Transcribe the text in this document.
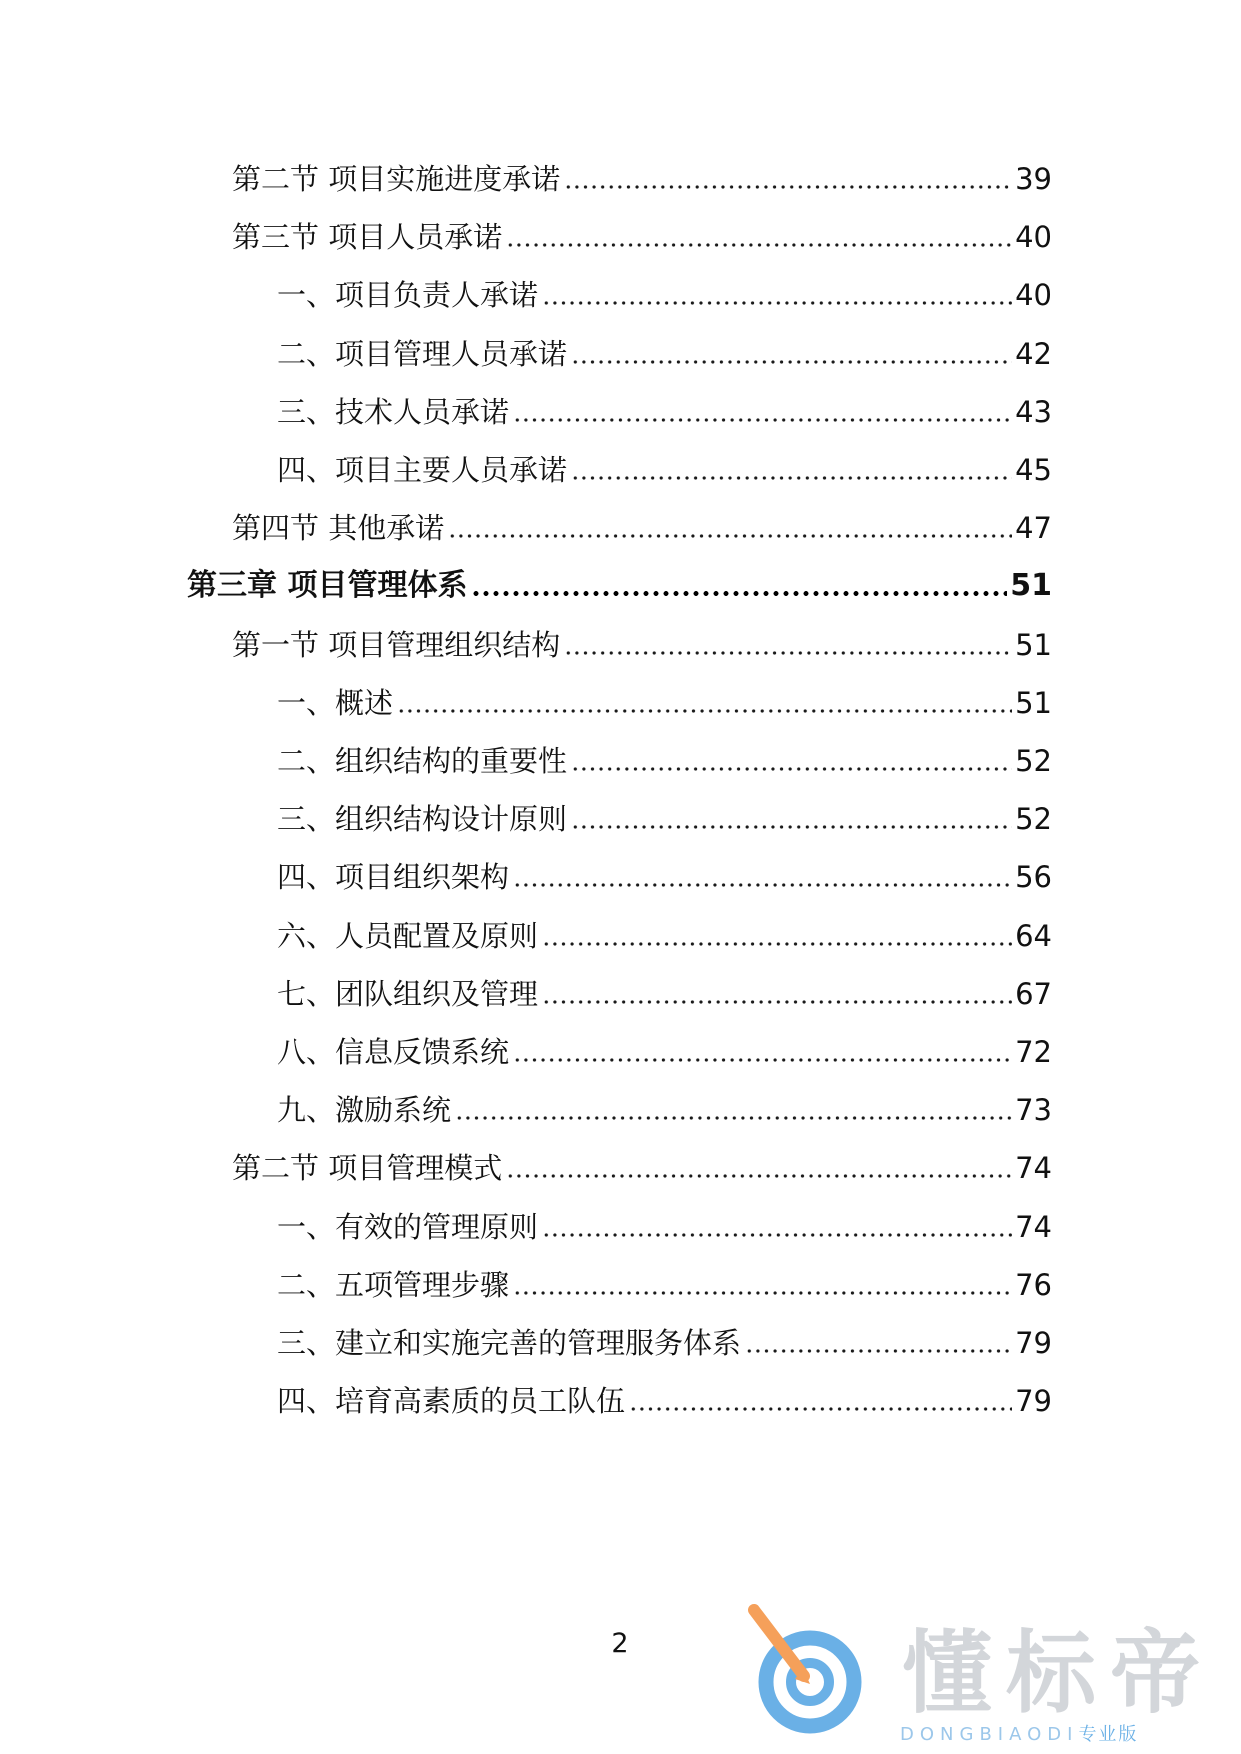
第二节 项目实施进度承诺	39
第三节 项目人员承诺	40
一、项目负责人承诺	40
二、项目管理人员承诺	42
三、技术人员承诺	43
四、项目主要人员承诺	45
第四节 其他承诺	47
第三章 项目管理体系	51
第一节 项目管理组织结构	51
一、概述	51
二、组织结构的重要性	52
三、组织结构设计原则	52
四、项目组织架构	56
六、人员配置及原则	64
七、团队组织及管理	67
八、信息反馈系统	72
九、激励系统	73
第二节 项目管理模式	74
一、有效的管理原则	74
二、五项管理步骤	76
三、建立和实施完善的管理服务体系	79
四、培育高素质的员工队伍	79
2	懂标帝
DONGBIAODI专业版
